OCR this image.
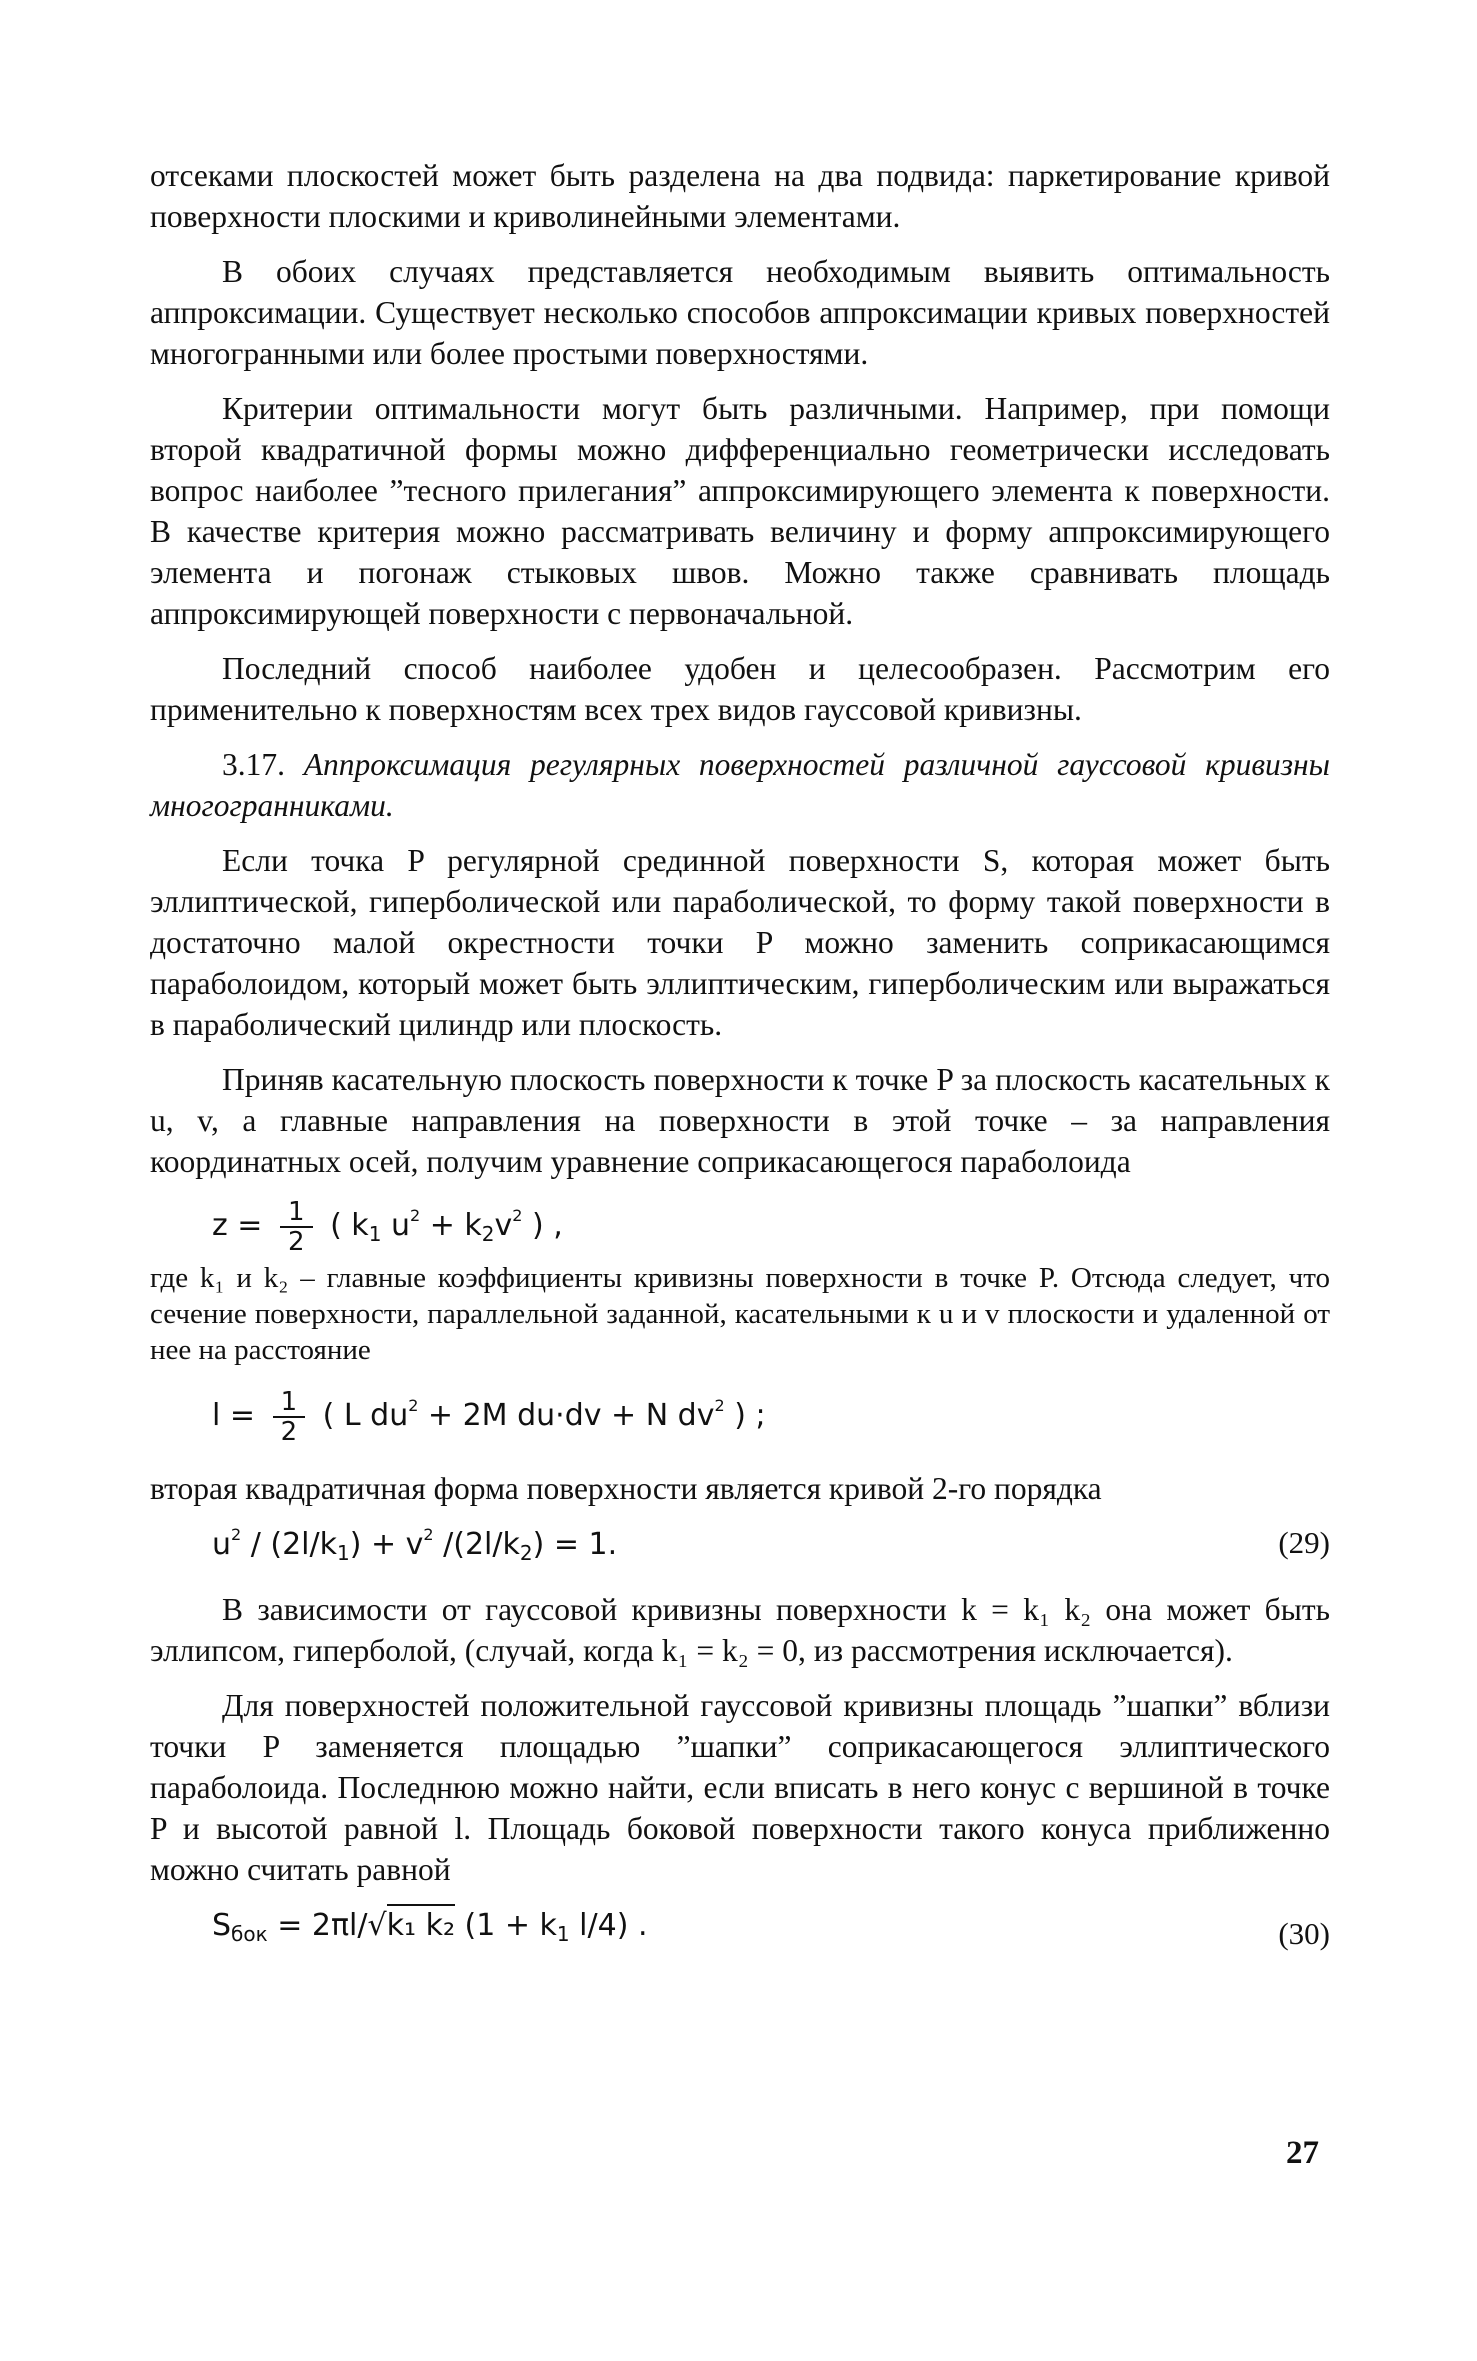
отсеками плоскостей может быть разделена на два подвида: паркетирование кривой поверхности плоскими и криволинейными элементами.

В обоих случаях представляется необходимым выявить оптимальность аппроксимации. Существует несколько способов аппроксимации кривых поверхностей многогранными или более простыми поверхностями.

Критерии оптимальности могут быть различными. Например, при помощи второй квадратичной формы можно дифференциально геометрически исследовать вопрос наиболее ”тесного прилегания” аппроксимирующего элемента к поверхности. В качестве критерия можно рассматривать величину и форму аппроксимирующего элемента и погонаж стыковых швов. Можно также сравнивать площадь аппроксимирующей поверхности с первоначальной.

Последний способ наиболее удобен и целесообразен. Рассмотрим его применительно к поверхностям всех трех видов гауссовой кривизны.

3.17. Аппроксимация регулярных поверхностей различной гауссовой кривизны многогранниками.

Если точка P регулярной срединной поверхности S, которая может быть эллиптической, гиперболической или параболической, то форму такой поверхности в достаточно малой окрестности точки P можно заменить соприкасающимся параболоидом, который может быть эллиптическим, гиперболическим или выражаться в параболический цилиндр или плоскость.

Приняв касательную плоскость поверхности к точке P за плоскость касательных к u, v, а главные направления на поверхности в этой точке – за направления координатных осей, получим уравнение соприкасающегося параболоида

$z = \frac{1}{2}$ ( $k_1$ $u^2 + k_2v^2$ ) ,

где k₁ и k₂ – главные коэффициенты кривизны поверхности в точке P. Отсюда следует, что сечение поверхности, параллельной заданной, касательными к u и v плоскости и удаленной от нее на расстояние

$l = \frac{1}{2}$ ( L $du^2 + 2M$ du·dv + N $dv^2$ ) ;

вторая квадратичная форма поверхности является кривой 2-го порядка

$u^2 / (2l/k_1) + v^2$ $/(2l/k_2) = 1$.	(29)

В зависимости от гауссовой кривизны поверхности k = k₁ k₂ она может быть эллипсом, гиперболой, (случай, когда k₁ = k₂ = 0, из рассмотрения исключается).

Для поверхностей положительной гауссовой кривизны площадь ”шапки” вблизи точки P заменяется площадью ”шапки” соприкасающегося эллиптического параболоида. Последнюю можно найти, если вписать в него конус с вершиной в точке P и высотой равной l. Площадь боковой поверхности такого конуса приближенно можно считать равной

$S_{бок} = 2\pi l/√k_1$ k₂ ($1 + k_1$ l/4) .	(30)
27
